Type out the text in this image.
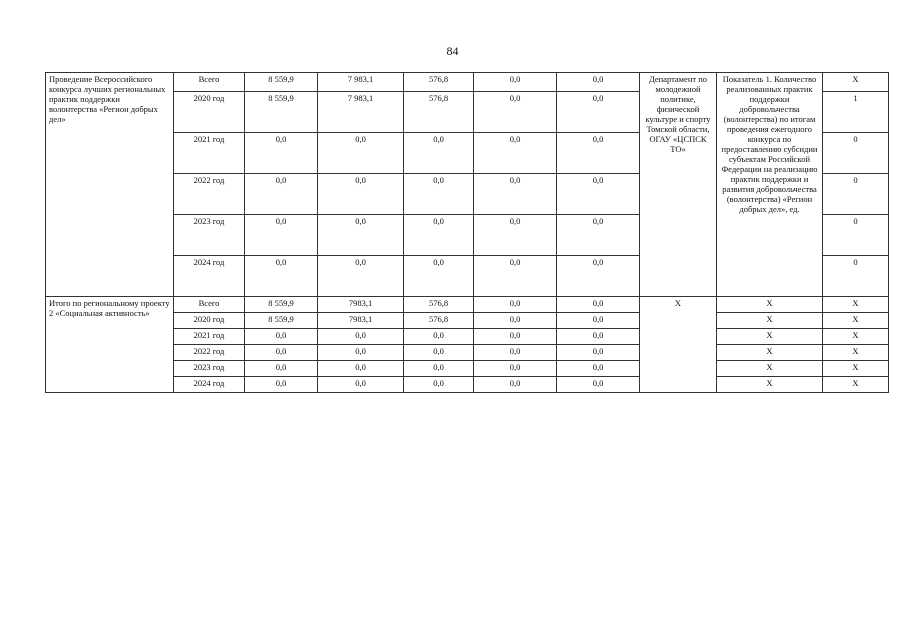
84
Проведение Всероссийского конкурса лучших региональных практик поддержки волонтерства «Регион добрых дел»	Всего	8 559,9	7 983,1	576,8	0,0	0,0	Департамент по молодежной политике, физической культуре и спорту Томской области, ОГАУ «ЦСПСК ТО»	Показатель 1. Количество реализованных практик поддержки добровольчества (волонтерства) по итогам проведения ежегодного конкурса по предоставлению субсидии субъектам Российской Федерации на реализацию практик поддержки и развития добровольчества (волонтерства) «Регион добрых дел», ед.	X
	2020 год	8 559,9	7 983,1	576,8	0,0	0,0			1
	2021 год	0,0	0,0	0,0	0,0	0,0			0
	2022 год	0,0	0,0	0,0	0,0	0,0			0
	2023 год	0,0	0,0	0,0	0,0	0,0			0
	2024 год	0,0	0,0	0,0	0,0	0,0			0
Итого по региональному проекту 2 «Социальная активность»	Всего	8 559,9	7983,1	576,8	0,0	0,0	X	X	X
	2020 год	8 559,9	7983,1	576,8	0,0	0,0		X	X
	2021 год	0,0	0,0	0,0	0,0	0,0		X	X
	2022 год	0,0	0,0	0,0	0,0	0,0		X	X
	2023 год	0,0	0,0	0,0	0,0	0,0		X	X
	2024 год	0,0	0,0	0,0	0,0	0,0		X	X
